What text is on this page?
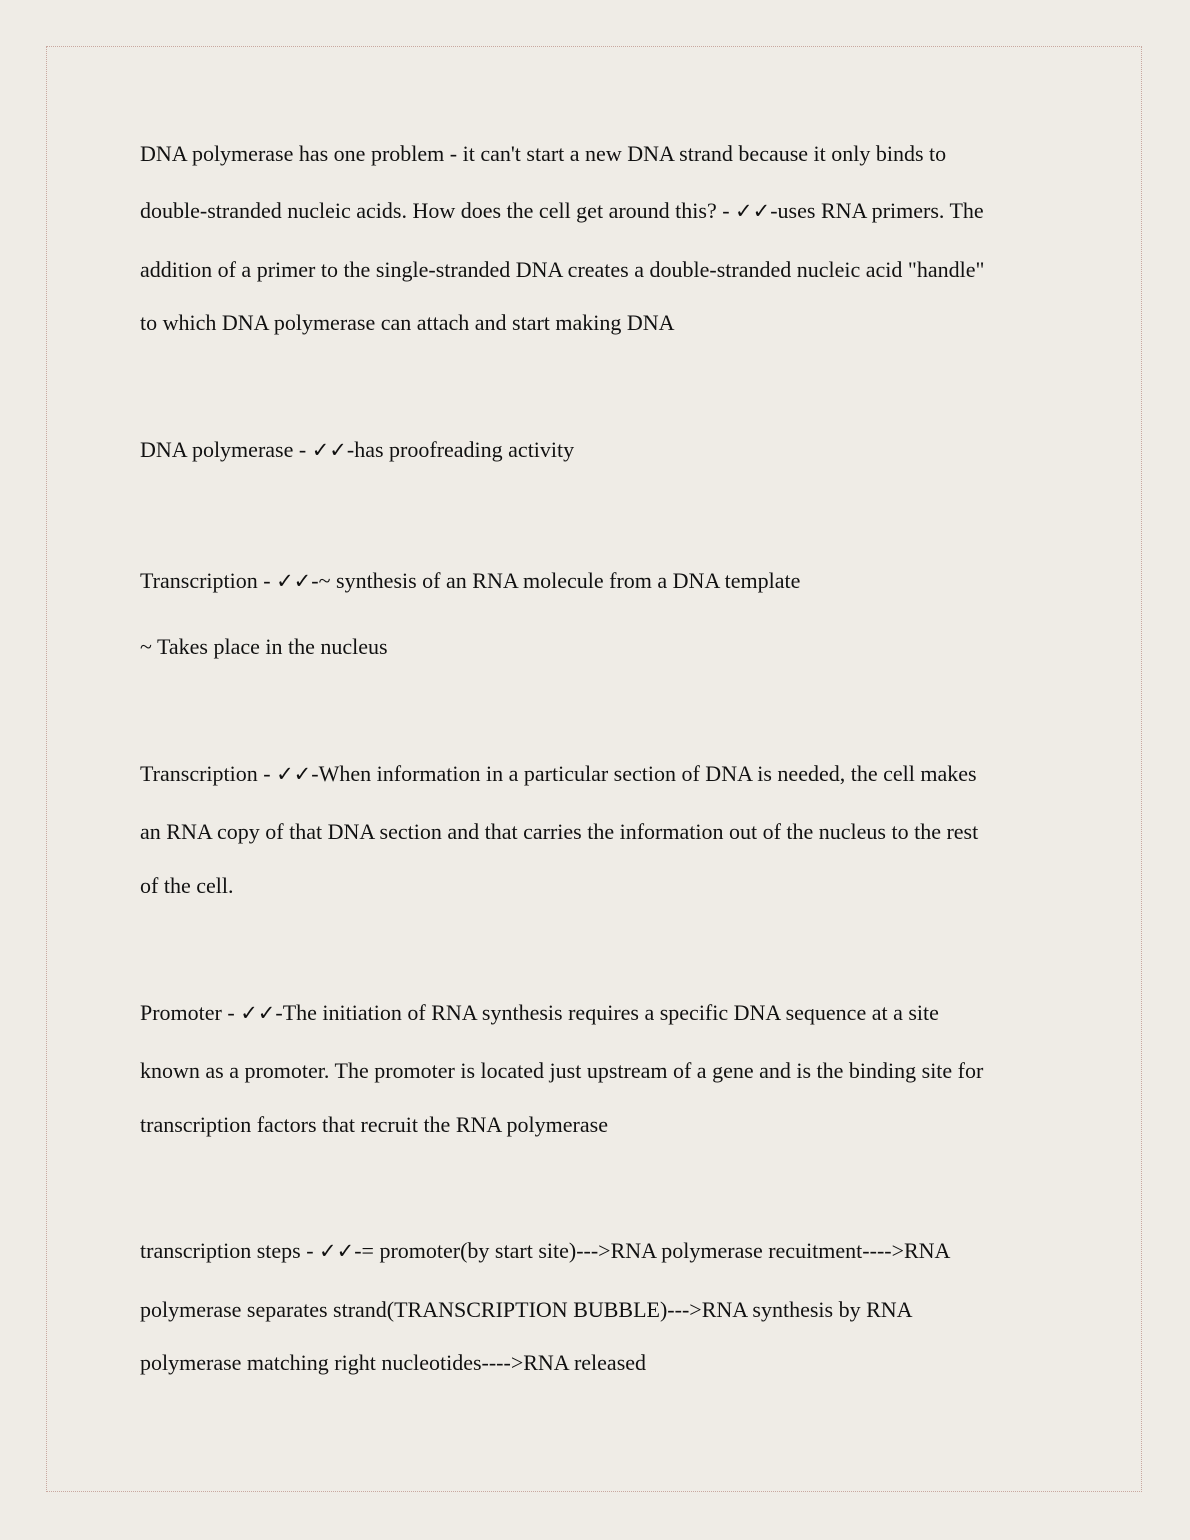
DNA polymerase has one problem - it can't start a new DNA strand because it only binds to
double-stranded nucleic acids. How does the cell get around this? - ✓✓-uses RNA primers. The
addition of a primer to the single-stranded DNA creates a double-stranded nucleic acid "handle"
to which DNA polymerase can attach and start making DNA
DNA polymerase - ✓✓-has proofreading activity
Transcription - ✓✓-~ synthesis of an RNA molecule from a DNA template
~ Takes place in the nucleus
Transcription - ✓✓-When information in a particular section of DNA is needed, the cell makes
an RNA copy of that DNA section and that carries the information out of the nucleus to the rest
of the cell.
Promoter - ✓✓-The initiation of RNA synthesis requires a specific DNA sequence at a site
known as a promoter. The promoter is located just upstream of a gene and is the binding site for
transcription factors that recruit the RNA polymerase
transcription steps - ✓✓-= promoter(by start site)--->RNA polymerase recuitment---->RNA
polymerase separates strand(TRANSCRIPTION BUBBLE)--->RNA synthesis by RNA
polymerase matching right nucleotides---->RNA released
